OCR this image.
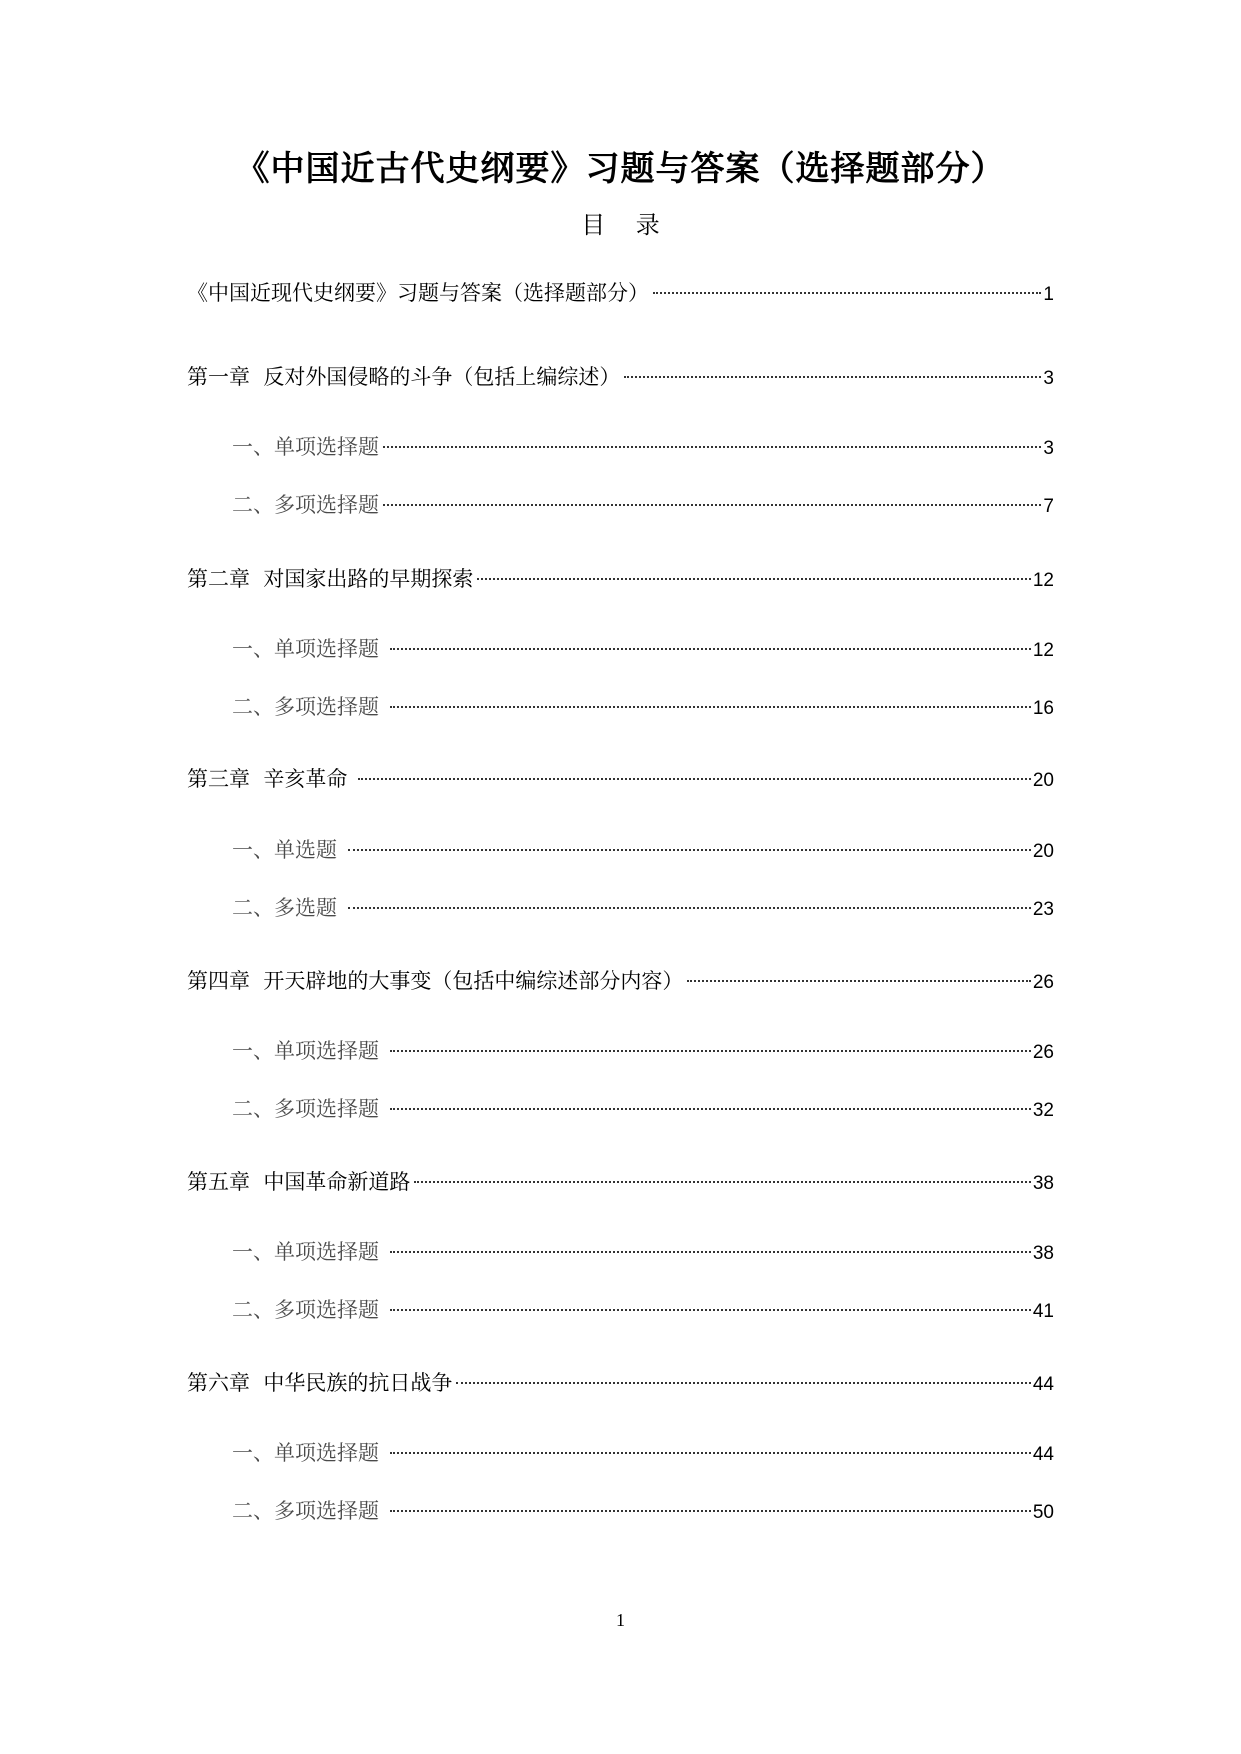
《中国近古代史纲要》习题与答案（选择题部分）
目    录
《中国近现代史纲要》习题与答案（选择题部分）	1
第一章  反对外国侵略的斗争（包括上编综述）	3
一、单项选择题	3
二、多项选择题	7
第二章  对国家出路的早期探索	12
一、单项选择题	12
二、多项选择题	16
第三章  辛亥革命	20
一、单选题	20
二、多选题	23
第四章  开天辟地的大事变（包括中编综述部分内容）	26
一、单项选择题	26
二、多项选择题	32
第五章  中国革命新道路	38
一、单项选择题	38
二、多项选择题	41
第六章  中华民族的抗日战争	44
一、单项选择题	44
二、多项选择题	50
1
